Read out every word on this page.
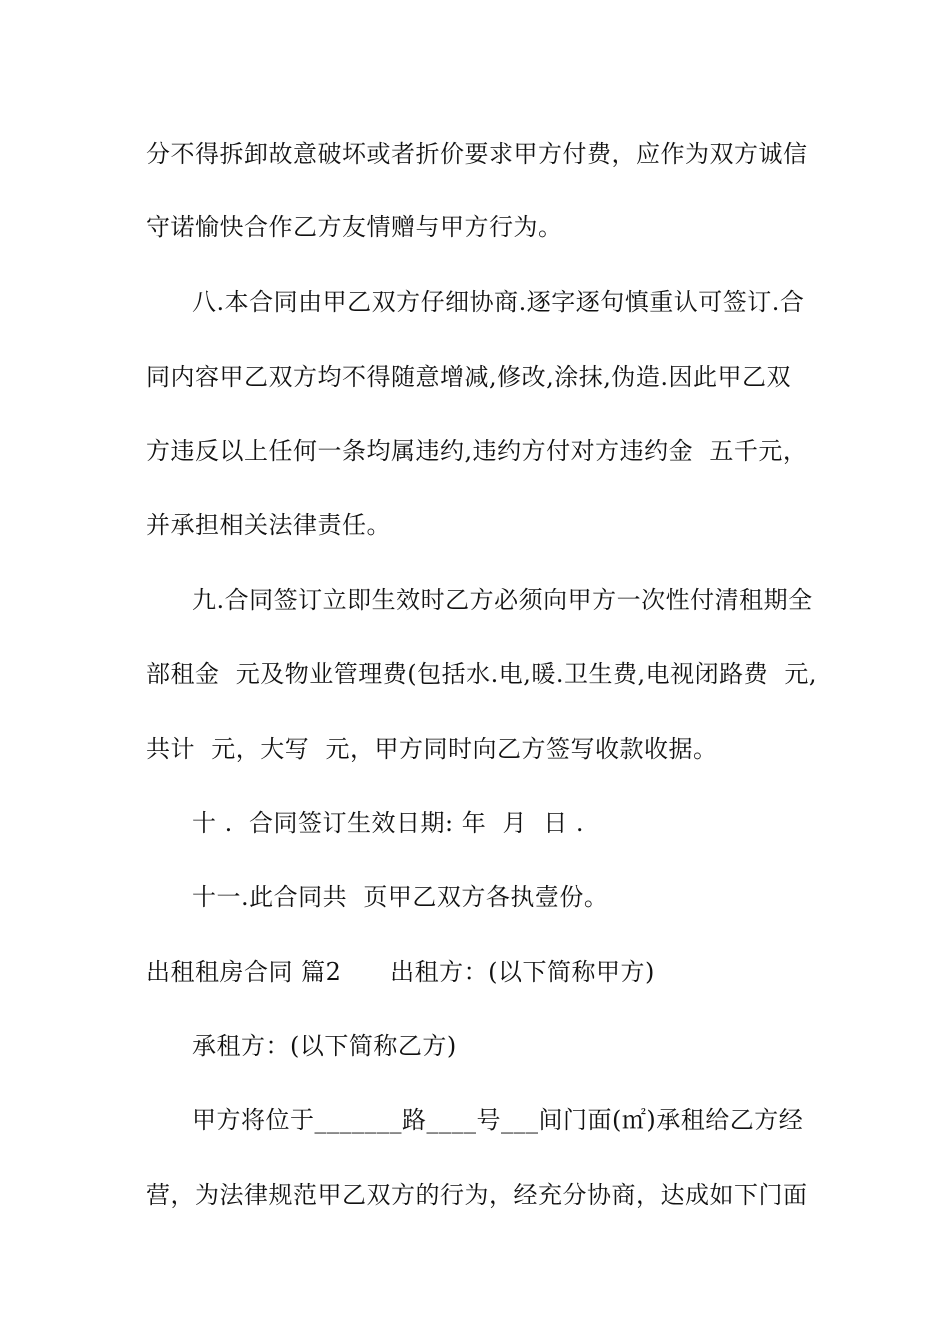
分不得拆卸故意破坏或者折价要求甲方付费，应作为双方诚信
守诺愉快合作乙方友情赠与甲方行为。
八.本合同由甲乙双方仔细协商.逐字逐句慎重认可签订.合
同内容甲乙双方均不得随意增减,修改,涂抹,伪造.因此甲乙双
方违反以上任何一条均属违约,违约方付对方违约金  五千元，
并承担相关法律责任。
九.合同签订立即生效时乙方必须向甲方一次性付清租期全
部租金  元及物业管理费(包括水.电,暖.卫生费,电视闭路费  元,
共计  元，大写  元，甲方同时向乙方签写收款收据。
十 .  合同签订生效日期: 年  月  日 .
十一.此合同共  页甲乙双方各执壹份。
出租租房合同 篇2      出租方：(以下简称甲方)
承租方：(以下简称乙方)
甲方将位于_______路____号___间门面(㎡)承租给乙方经
营，为法律规范甲乙双方的行为，经充分协商，达成如下门面
